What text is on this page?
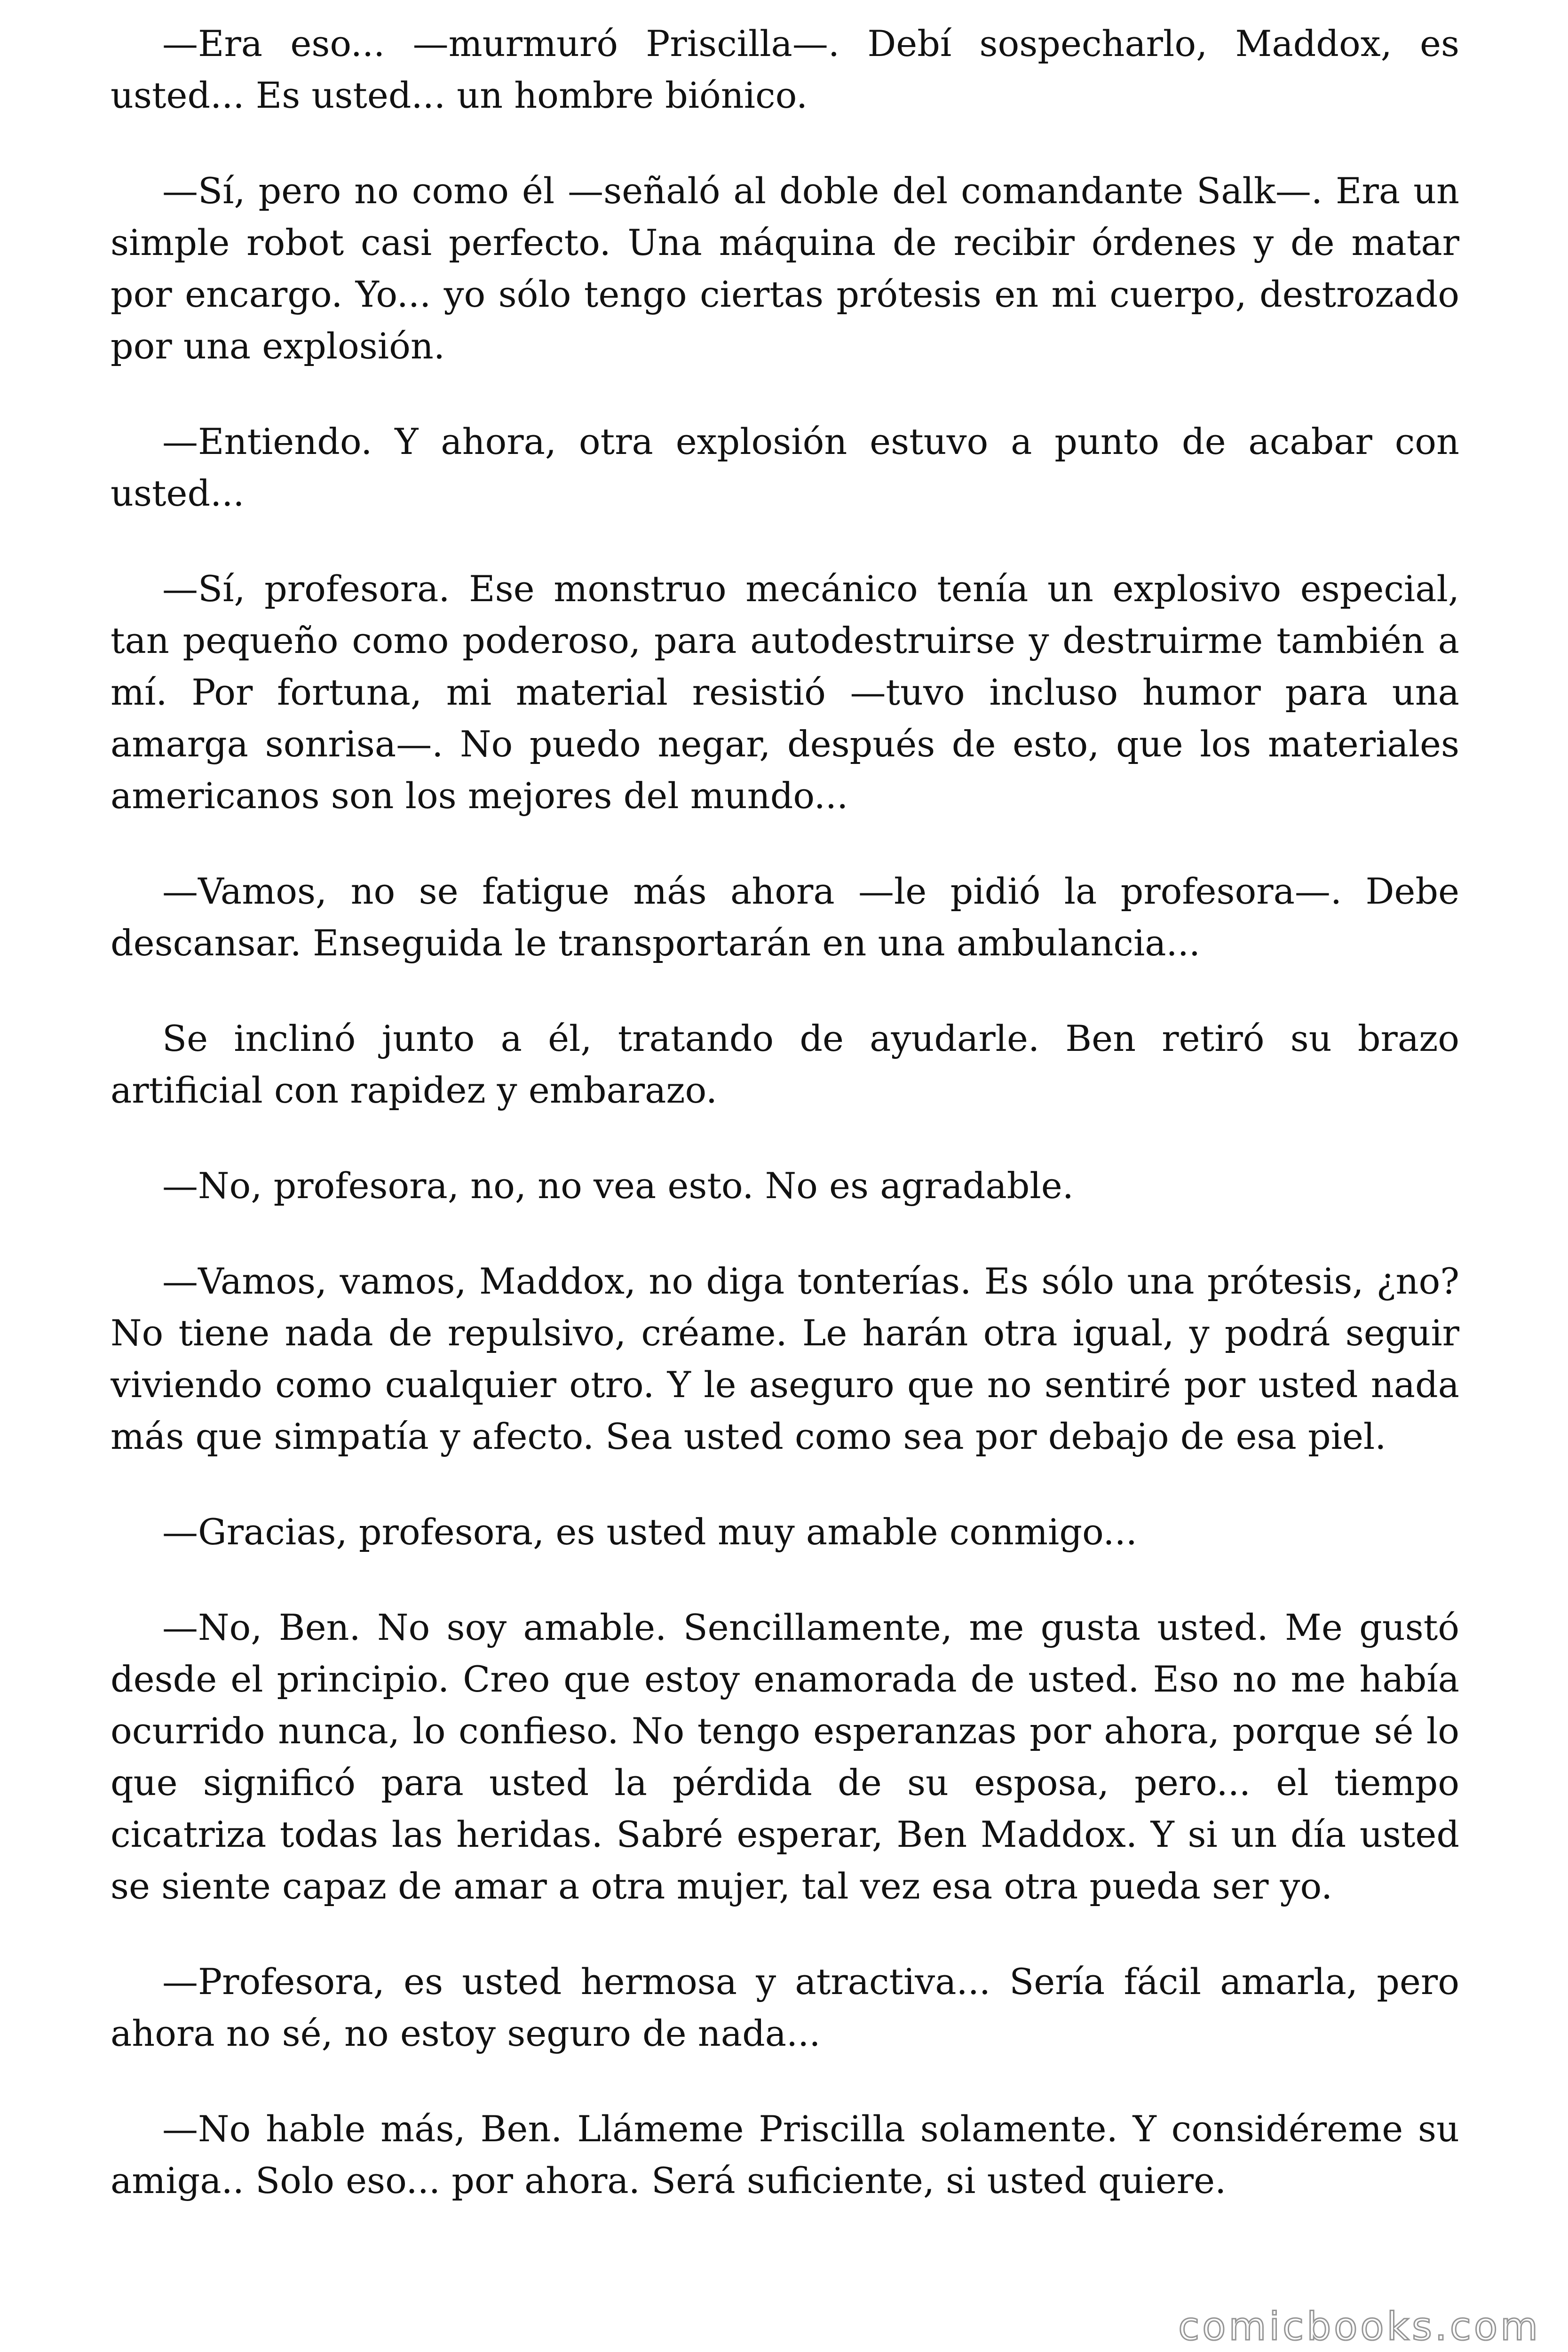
—Era eso... —murmuró Priscilla—. Debí sospecharlo, Maddox, es usted... Es usted... un hombre biónico.

—Sí, pero no como él —señaló al doble del comandante Salk—. Era un simple robot casi perfecto. Una máquina de recibir órdenes y de matar por encargo. Yo... yo sólo tengo ciertas prótesis en mi cuerpo, destrozado por una explosión.

—Entiendo. Y ahora, otra explosión estuvo a punto de acabar con usted...

—Sí, profesora. Ese monstruo mecánico tenía un explosivo especial, tan pequeño como poderoso, para autodestruirse y destruirme también a mí. Por fortuna, mi material resistió —tuvo incluso humor para una amarga sonrisa—. No puedo negar, después de esto, que los materiales americanos son los mejores del mundo...

—Vamos, no se fatigue más ahora —le pidió la profesora—. Debe descansar. Enseguida le transportarán en una ambulancia...

Se inclinó junto a él, tratando de ayudarle. Ben retiró su brazo artificial con rapidez y embarazo.

—No, profesora, no, no vea esto. No es agradable.

—Vamos, vamos, Maddox, no diga tonterías. Es sólo una prótesis, ¿no? No tiene nada de repulsivo, créame. Le harán otra igual, y podrá seguir viviendo como cualquier otro. Y le aseguro que no sentiré por usted nada más que simpatía y afecto. Sea usted como sea por debajo de esa piel.

—Gracias, profesora, es usted muy amable conmigo...

—No, Ben. No soy amable. Sencillamente, me gusta usted. Me gustó desde el principio. Creo que estoy enamorada de usted. Eso no me había ocurrido nunca, lo confieso. No tengo esperanzas por ahora, porque sé lo que significó para usted la pérdida de su esposa, pero... el tiempo cicatriza todas las heridas. Sabré esperar, Ben Maddox. Y si un día usted se siente capaz de amar a otra mujer, tal vez esa otra pueda ser yo.

—Profesora, es usted hermosa y atractiva... Sería fácil amarla, pero ahora no sé, no estoy seguro de nada...

—No hable más, Ben. Llámeme Priscilla solamente. Y considéreme su amiga.. Solo eso... por ahora. Será suficiente, si usted quiere.

comicbooks.com
